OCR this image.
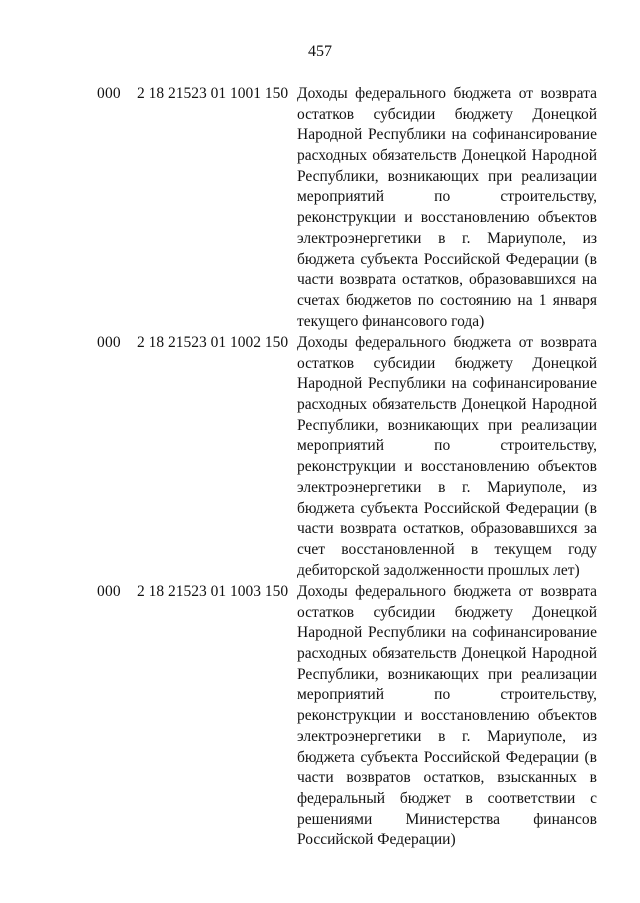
457
000 2 18 21523 01 1001 150 Доходы федерального бюджета от возврата
остатков субсидии бюджету Донецкой
Народной Республики на софинансирование
расходных обязательств Донецкой Народной
Республики, возникающих при реализации
мероприятий по строительству,
реконструкции и восстановлению объектов
электроэнергетики в г. Мариуполе, из
бюджета субъекта Российской Федерации (в
части возврата остатков, образовавшихся на
счетах бюджетов по состоянию на 1 января
текущего финансового года)

000 2 18 21523 01 1002 150 Доходы федерального бюджета от возврата
остатков субсидии бюджету Донецкой
Народной Республики на софинансирование
расходных обязательств Донецкой Народной
Республики, возникающих при реализации
мероприятий по строительству,
реконструкции и восстановлению объектов
электроэнергетики в г. Мариуполе, из
бюджета субъекта Российской Федерации (в
части возврата остатков, образовавшихся за
счет восстановленной в текущем году
дебиторской задолженности прошлых лет)

000 2 18 21523 01 1003 150 Доходы федерального бюджета от возврата
остатков субсидии бюджету Донецкой
Народной Республики на софинансирование
расходных обязательств Донецкой Народной
Республики, возникающих при реализации
мероприятий по строительству,
реконструкции и восстановлению объектов
электроэнергетики в г. Мариуполе, из
бюджета субъекта Российской Федерации (в
части возвратов остатков, взысканных в
федеральный бюджет в соответствии с
решениями Министерства финансов
Российской Федерации)
